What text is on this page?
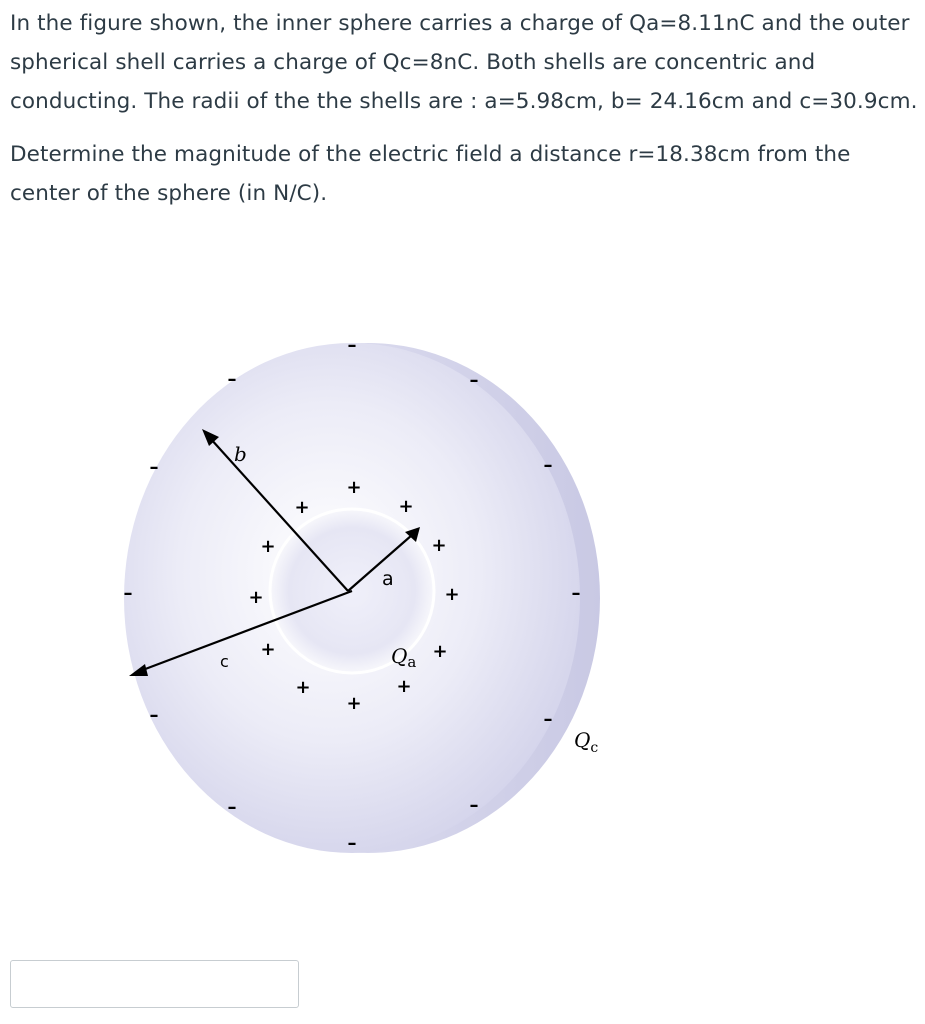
In the figure shown, the inner sphere carries a charge of Qa=8.11nC and the outer spherical shell carries a charge of Qc=8nC. Both shells are concentric and conducting. The radii of the the shells are : a=5.98cm, b= 24.16cm and c=30.9cm.

Determine the magnitude of the electric field a distance r=18.38cm from the center of the sphere (in N/C).

b
a
c	$Q_a$
$Q_c$
+
+
+
+
+
+
+
+
+
+
+
+
–
–
–
–
–
–
–
–
–
–
–
–
